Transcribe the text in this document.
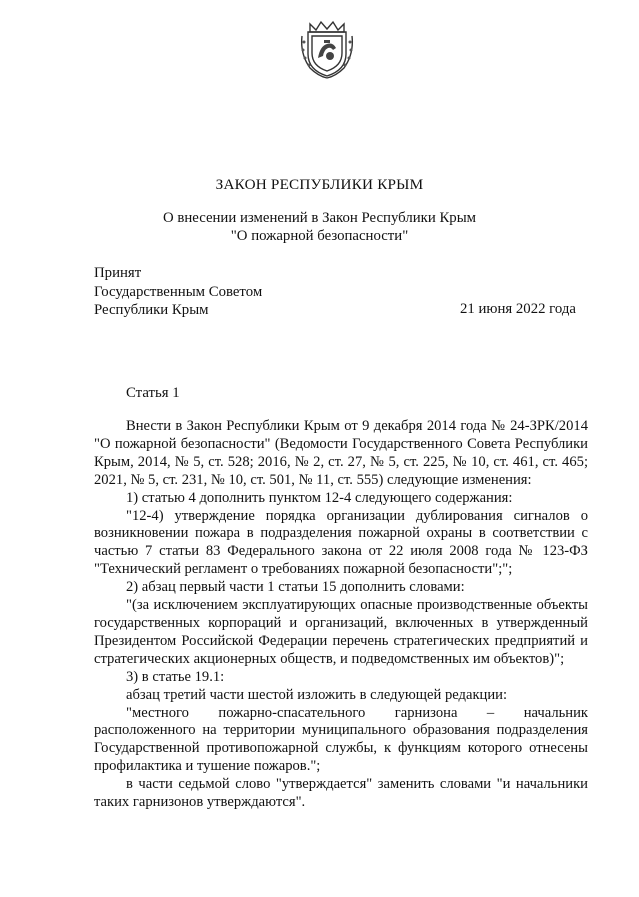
ЗАКОН РЕСПУБЛИКИ КРЫМ
О внесении изменений в Закон Республики Крым
"О пожарной безопасности"
Принят
Государственным Советом
Республики Крым	21 июня 2022 года
Статья 1

Внести в Закон Республики Крым от 9 декабря 2014 года № 24-ЗРК/2014 "О пожарной безопасности" (Ведомости Государственного Совета Республики Крым, 2014, № 5, ст. 528; 2016, № 2, ст. 27, № 5, ст. 225, № 10, ст. 461, ст. 465; 2021, № 5, ст. 231, № 10, ст. 501, № 11, ст. 555) следующие изменения:

1) статью 4 дополнить пунктом 12-4 следующего содержания:

"12-4) утверждение порядка организации дублирования сигналов о возникновении пожара в подразделения пожарной охраны в соответствии с частью 7 статьи 83 Федерального закона от 22 июля 2008 года № 123-ФЗ "Технический регламент о требованиях пожарной безопасности";";

2) абзац первый части 1 статьи 15 дополнить словами:

"(за исключением эксплуатирующих опасные производственные объекты государственных корпораций и организаций, включенных в утвержденный Президентом Российской Федерации перечень стратегических предприятий и стратегических акционерных обществ, и подведомственных им объектов)";

3) в статье 19.1:

абзац третий части шестой изложить в следующей редакции:

"местного пожарно-спасательного гарнизона – начальник расположенного на территории муниципального образования подразделения Государственной противопожарной службы, к функциям которого отнесены профилактика и тушение пожаров.";

в части седьмой слово "утверждается" заменить словами "и начальники таких гарнизонов утверждаются".
